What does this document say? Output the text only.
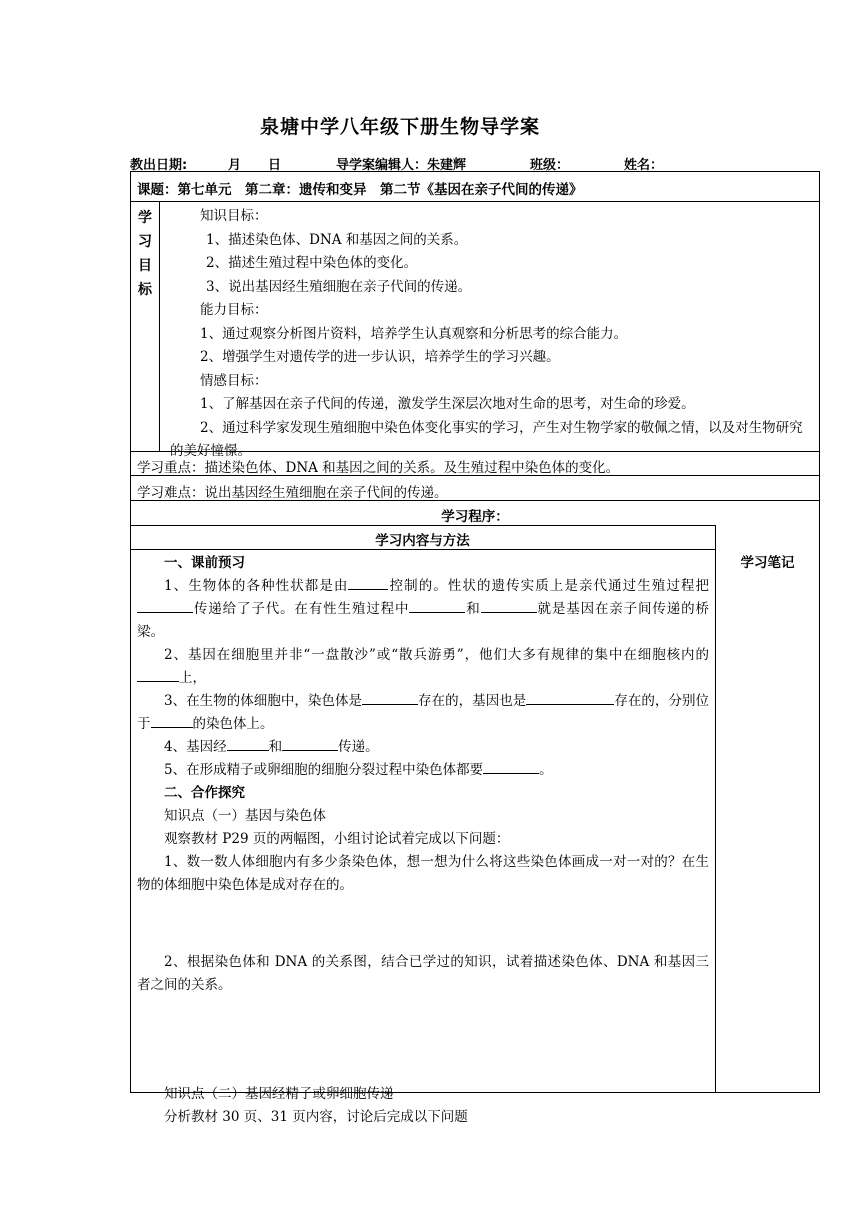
泉塘中学八年级下册生物导学案
教出日期:	月 日	导学案编辑人：朱建辉	班级：	姓名：
课题：第七单元　第二章：遗传和变异　第二节《基因在亲子代间的传递》
学
习
目
标
知识目标：
1、描述染色体、DNA 和基因之间的关系。
2、描述生殖过程中染色体的变化。
3、说出基因经生殖细胞在亲子代间的传递。
能力目标：
1、通过观察分析图片资料，培养学生认真观察和分析思考的综合能力。
2、增强学生对遗传学的进一步认识，培养学生的学习兴趣。
情感目标：
1、了解基因在亲子代间的传递，激发学生深层次地对生命的思考，对生命的珍爱。
2、通过科学家发现生殖细胞中染色体变化事实的学习，产生对生物学家的敬佩之情，以及对生物研究的美好憧憬。
学习重点：描述染色体、DNA 和基因之间的关系。及生殖过程中染色体的变化。
学习难点：说出基因经生殖细胞在亲子代间的传递。
学习程序：
学习内容与方法
学习笔记

一、课前预习

1、生物体的各种性状都是由	控制的。性状的遗传实质上是亲代通过生殖过程把传递给了子代。在有性生殖过程中	和	就是基因在亲子间传递的桥梁。

2、基因在细胞里并非“一盘散沙”或“散兵游勇”，他们大多有规律的集中在细胞核内的上，

3、在生物的体细胞中，染色体是	存在的，基因也是	存在的，分别位于	的染色体上。

4、基因经	和	传递。

5、在形成精子或卵细胞的细胞分裂过程中染色体都要	。

二、合作探究

知识点（一）基因与染色体

观察教材 P29 页的两幅图，小组讨论试着完成以下问题：

1、数一数人体细胞内有多少条染色体，想一想为什么将这些染色体画成一对一对的？在生物的体细胞中染色体是成对存在的。

2、根据染色体和 DNA 的关系图，结合已学过的知识，试着描述染色体、DNA 和基因三者之间的关系。

知识点（二）基因经精子或卵细胞传递

分析教材 30 页、31 页内容，讨论后完成以下问题
